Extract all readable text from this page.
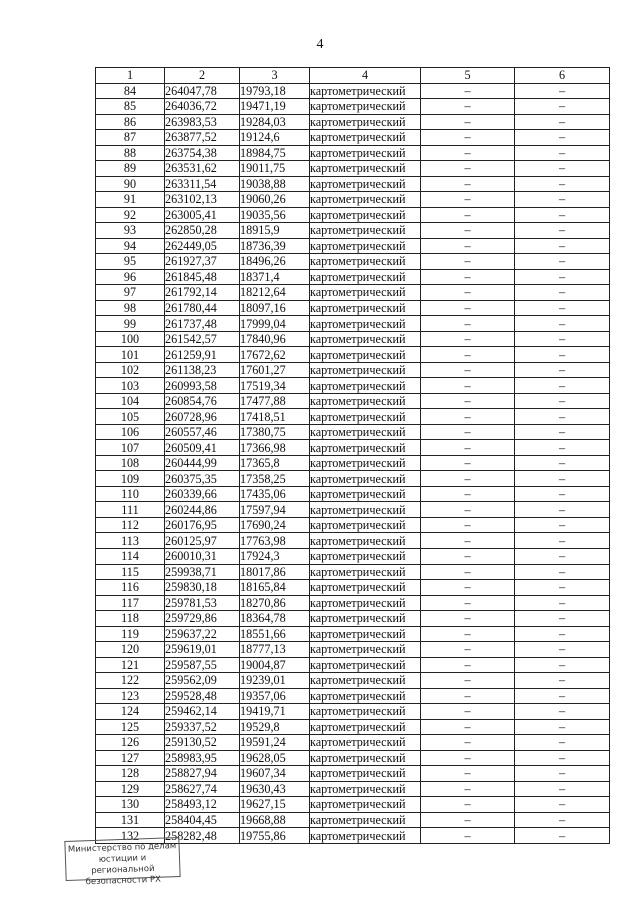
4
1	2	3	4	5	6
84	264047,78	19793,18	картометрический	–	–
85	264036,72	19471,19	картометрический	–	–
86	263983,53	19284,03	картометрический	–	–
87	263877,52	19124,6	картометрический	–	–
88	263754,38	18984,75	картометрический	–	–
89	263531,62	19011,75	картометрический	–	–
90	263311,54	19038,88	картометрический	–	–
91	263102,13	19060,26	картометрический	–	–
92	263005,41	19035,56	картометрический	–	–
93	262850,28	18915,9	картометрический	–	–
94	262449,05	18736,39	картометрический	–	–
95	261927,37	18496,26	картометрический	–	–
96	261845,48	18371,4	картометрический	–	–
97	261792,14	18212,64	картометрический	–	–
98	261780,44	18097,16	картометрический	–	–
99	261737,48	17999,04	картометрический	–	–
100	261542,57	17840,96	картометрический	–	–
101	261259,91	17672,62	картометрический	–	–
102	261138,23	17601,27	картометрический	–	–
103	260993,58	17519,34	картометрический	–	–
104	260854,76	17477,88	картометрический	–	–
105	260728,96	17418,51	картометрический	–	–
106	260557,46	17380,75	картометрический	–	–
107	260509,41	17366,98	картометрический	–	–
108	260444,99	17365,8	картометрический	–	–
109	260375,35	17358,25	картометрический	–	–
110	260339,66	17435,06	картометрический	–	–
111	260244,86	17597,94	картометрический	–	–
112	260176,95	17690,24	картометрический	–	–
113	260125,97	17763,98	картометрический	–	–
114	260010,31	17924,3	картометрический	–	–
115	259938,71	18017,86	картометрический	–	–
116	259830,18	18165,84	картометрический	–	–
117	259781,53	18270,86	картометрический	–	–
118	259729,86	18364,78	картометрический	–	–
119	259637,22	18551,66	картометрический	–	–
120	259619,01	18777,13	картометрический	–	–
121	259587,55	19004,87	картометрический	–	–
122	259562,09	19239,01	картометрический	–	–
123	259528,48	19357,06	картометрический	–	–
124	259462,14	19419,71	картометрический	–	–
125	259337,52	19529,8	картометрический	–	–
126	259130,52	19591,24	картометрический	–	–
127	258983,95	19628,05	картометрический	–	–
128	258827,94	19607,34	картометрический	–	–
129	258627,74	19630,43	картометрический	–	–
130	258493,12	19627,15	картометрический	–	–
131	258404,45	19668,88	картометрический	–	–
132	258282,48	19755,86	картометрический	–	–
Министерство по делам
юстиции и региональной
безопасности РХ
